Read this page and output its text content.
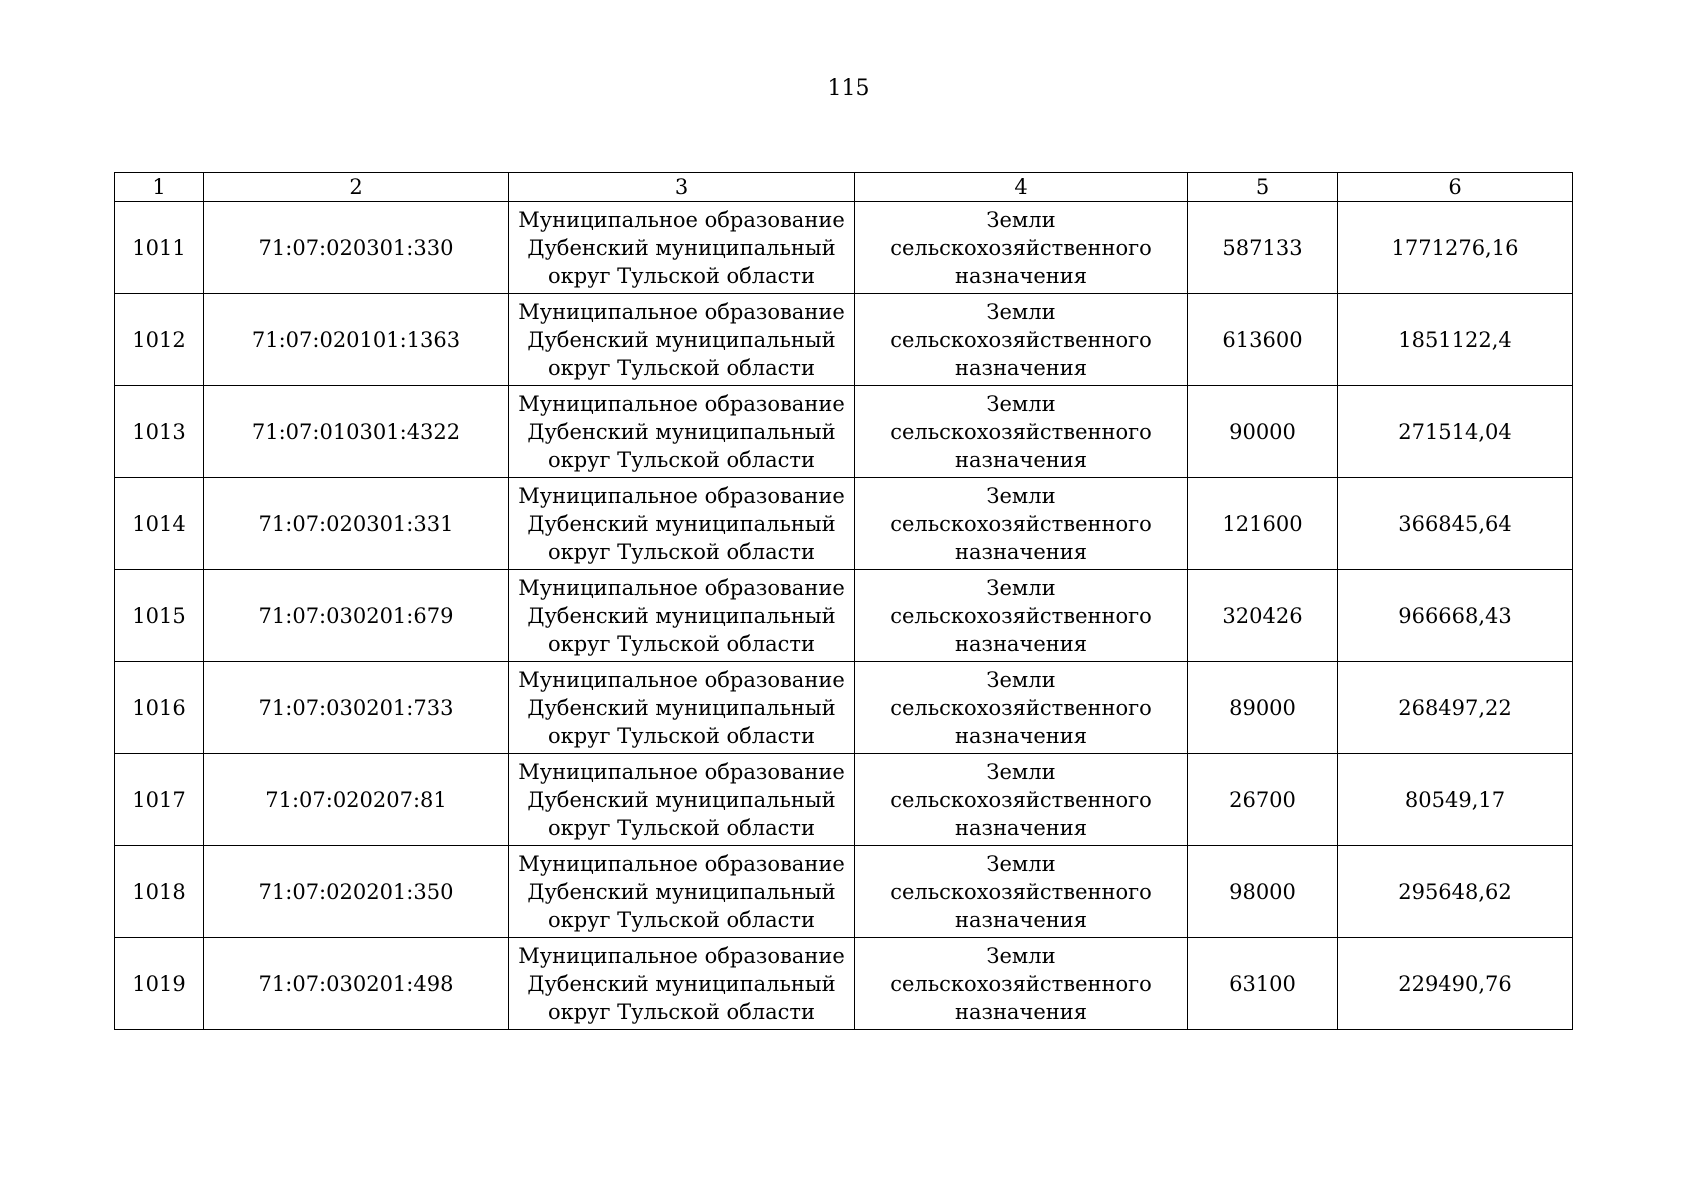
115
1	2	3	4	5	6
1011	71:07:020301:330	Муниципальное образование
Дубенский муниципальный
округ Тульской области	Земли
сельскохозяйственного
назначения	587133	1771276,16
1012	71:07:020101:1363	Муниципальное образование
Дубенский муниципальный
округ Тульской области	Земли
сельскохозяйственного
назначения	613600	1851122,4
1013	71:07:010301:4322	Муниципальное образование
Дубенский муниципальный
округ Тульской области	Земли
сельскохозяйственного
назначения	90000	271514,04
1014	71:07:020301:331	Муниципальное образование
Дубенский муниципальный
округ Тульской области	Земли
сельскохозяйственного
назначения	121600	366845,64
1015	71:07:030201:679	Муниципальное образование
Дубенский муниципальный
округ Тульской области	Земли
сельскохозяйственного
назначения	320426	966668,43
1016	71:07:030201:733	Муниципальное образование
Дубенский муниципальный
округ Тульской области	Земли
сельскохозяйственного
назначения	89000	268497,22
1017	71:07:020207:81	Муниципальное образование
Дубенский муниципальный
округ Тульской области	Земли
сельскохозяйственного
назначения	26700	80549,17
1018	71:07:020201:350	Муниципальное образование
Дубенский муниципальный
округ Тульской области	Земли
сельскохозяйственного
назначения	98000	295648,62
1019	71:07:030201:498	Муниципальное образование
Дубенский муниципальный
округ Тульской области	Земли
сельскохозяйственного
назначения	63100	229490,76
